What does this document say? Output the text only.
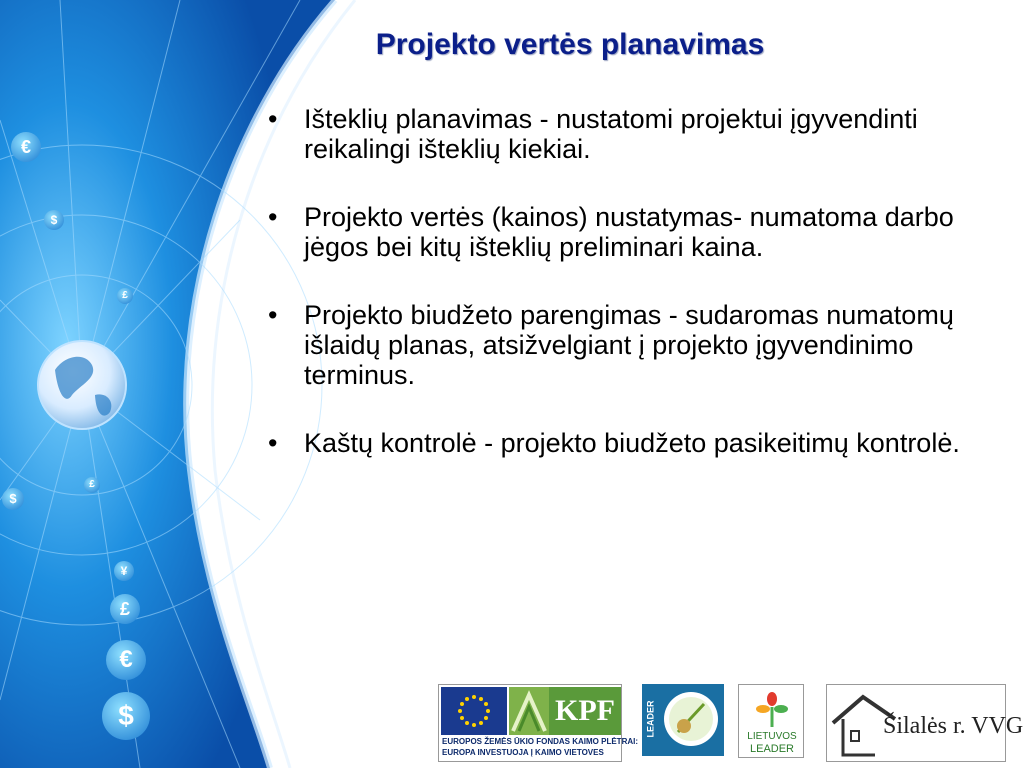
€
$
£
£
$
¥
£
€
$
Projekto vertės planavimas
• Išteklių planavimas - nustatomi projektui įgyvendinti reikalingi išteklių kiekiai.
• Projekto vertės (kainos) nustatymas- numatoma darbo jėgos bei kitų išteklių preliminari kaina.
• Projekto biudžeto parengimas - sudaromas numatomų išlaidų planas, atsižvelgiant į projekto įgyvendinimo terminus.
• Kaštų kontrolė - projekto biudžeto pasikeitimų kontrolė.
KPF
EUROPOS ŽEMĖS ŪKIO FONDAS KAIMO PLĖTRAI:
EUROPA INVESTUOJA Į KAIMO VIETOVES
LEADER	LIETUVOS
LEADER
Šilalės r. VVG
